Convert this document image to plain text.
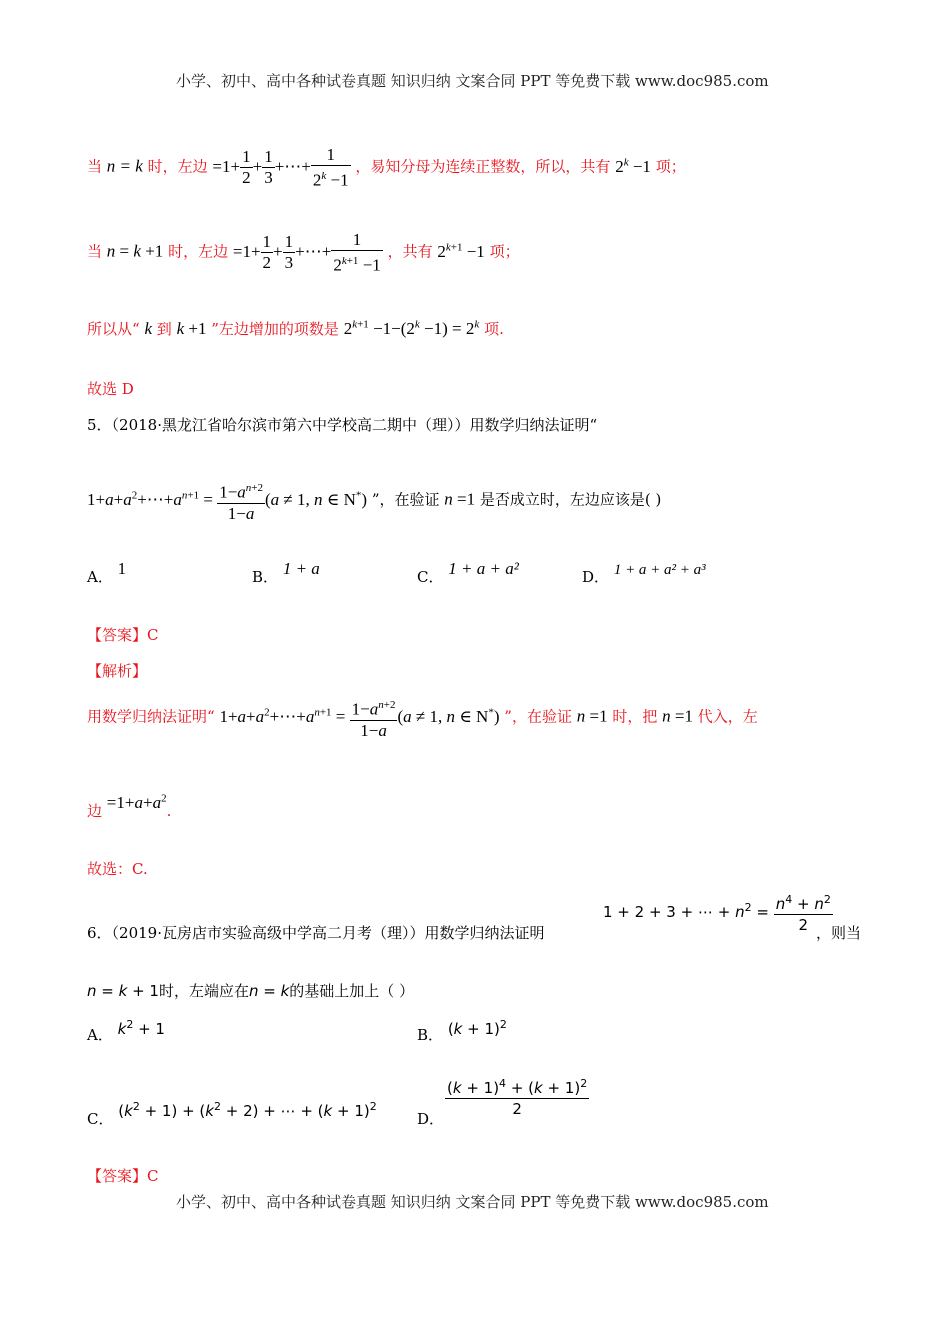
小学、初中、高中各种试卷真题 知识归纳 文案合同 PPT 等免费下载 www.doc985.com
当 n = k 时，左边 $=1+ \frac{1}{2} + \frac{1}{3}$ +⋯+ $\frac{1}{2^k -1}$ ，易知分母为连续正整数，所以，共有 $2^k -1$ 项；
当 n = k +1 时，左边 $=1+ \frac{1}{2} + \frac{1}{3}$ +⋯+ $\frac{1}{2^{k+1} -1}$ ，共有 $2^{k+1} -1$ 项；
所以从“ k 到 k +1 ”左边增加的项数是 $2^{k+1} -1-(2^k -1) = 2^k$ 项.
故选 D
5．（2018·黑龙江省哈尔滨市第六中学校高二期中（理））用数学归纳法证明“
$1+a+a^2+\cdots+a^{n+1} = \frac{1-a^{n+2}}{1-a} (a \ne 1$, n ∈ N*) ”，在验证 n =1 是否成立时，左边应该是( )
A． 1	B． 1 + a	C． 1 + a + a²	D． 1 + a + a² + a³
【答案】C
【解析】
用数学归纳法证明“ $1+a+a^2+\cdots+a^{n+1} = \frac{1-a^{n+2}}{1-a} (a \ne 1$, n ∈ N*) ”，在验证 n =1 时，把 n =1 代入，左
边 $=1+a+a^2$.
故选：C.
6．（2019·瓦房店市实验高级中学高二月考（理））用数学归纳法证明
1 + 2 + 3 + ⋯ + $n^2 = \frac{n^4 + n^2}{2}$
，则当
n = k + 1时，左端应在n = k的基础上加上（ ）
A． $k^2 + 1$	B． $(k + 1)^2$
C． $(k^2 + 1) + (k^2 + 2)$ + ⋯ + $(k + 1)^2$
D． $\frac{(k + 1)^4 + (k + 1)^2}{2}$
【答案】C
小学、初中、高中各种试卷真题 知识归纳 文案合同 PPT 等免费下载 www.doc985.com
